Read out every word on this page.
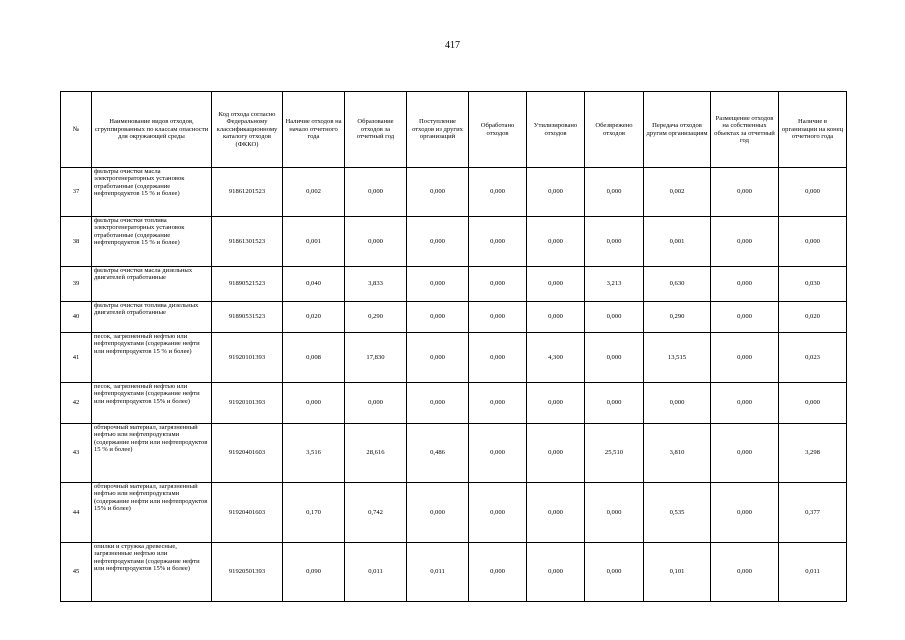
417
№	Наименование видов отходов, сгруппированных по классам опасности для окружающей среды	Код отхода согласно Федеральному классификационному каталогу отходов (ФККО)	Наличие отходов на начало отчетного года	Образование отходов за отчетный год	Поступление отходов из других организаций	Обработано отходов	Утилизировано отходов	Обезврежено отходов	Передача отходов другим организациям	Размещение отходов на собственных объектах за отчетный год	Наличие в организации на конец отчетного года
37	фильтры очистки масла электрогенераторных установок отработанные (содержание нефтепродуктов 15 % и более)	91861201523	0,002	0,000	0,000	0,000	0,000	0,000	0,002	0,000	0,000
38	фильтры очистки топлива электрогенераторных установок отработанные (содержание нефтепродуктов 15 % и более)	91861301523	0,001	0,000	0,000	0,000	0,000	0,000	0,001	0,000	0,000
39	фильтры очистки масла дизельных двигателей отработанные	91890521523	0,040	3,833	0,000	0,000	0,000	3,213	0,630	0,000	0,030
40	фильтры очистки топлива дизельных двигателей отработанные	91890531523	0,020	0,290	0,000	0,000	0,000	0,000	0,290	0,000	0,020
41	песок, загрязненный нефтью или нефтепродуктами (содержание нефти или нефтепродуктов 15 % и более)	91920101393	0,008	17,830	0,000	0,000	4,300	0,000	13,515	0,000	0,023
42	песок, загрязненный нефтью или нефтепродуктами (содержание нефти или нефтепродуктов 15% и более)	91920101393	0,000	0,000	0,000	0,000	0,000	0,000	0,000	0,000	0,000
43	обтирочный материал, загрязненный нефтью или нефтепродуктами (содержание нефти или нефтепродуктов 15 % и более)	91920401603	3,516	28,616	0,486	0,000	0,000	25,510	3,810	0,000	3,298
44	обтирочный материал, загрязненный нефтью или нефтепродуктами (содержание нефти или нефтепродуктов 15% и более)	91920401603	0,170	0,742	0,000	0,000	0,000	0,000	0,535	0,000	0,377
45	опилки и стружка древесные, загрязненные нефтью или нефтепродуктами (содержание нефти или нефтепродуктов 15% и более)	91920501393	0,090	0,011	0,011	0,000	0,000	0,000	0,101	0,000	0,011
